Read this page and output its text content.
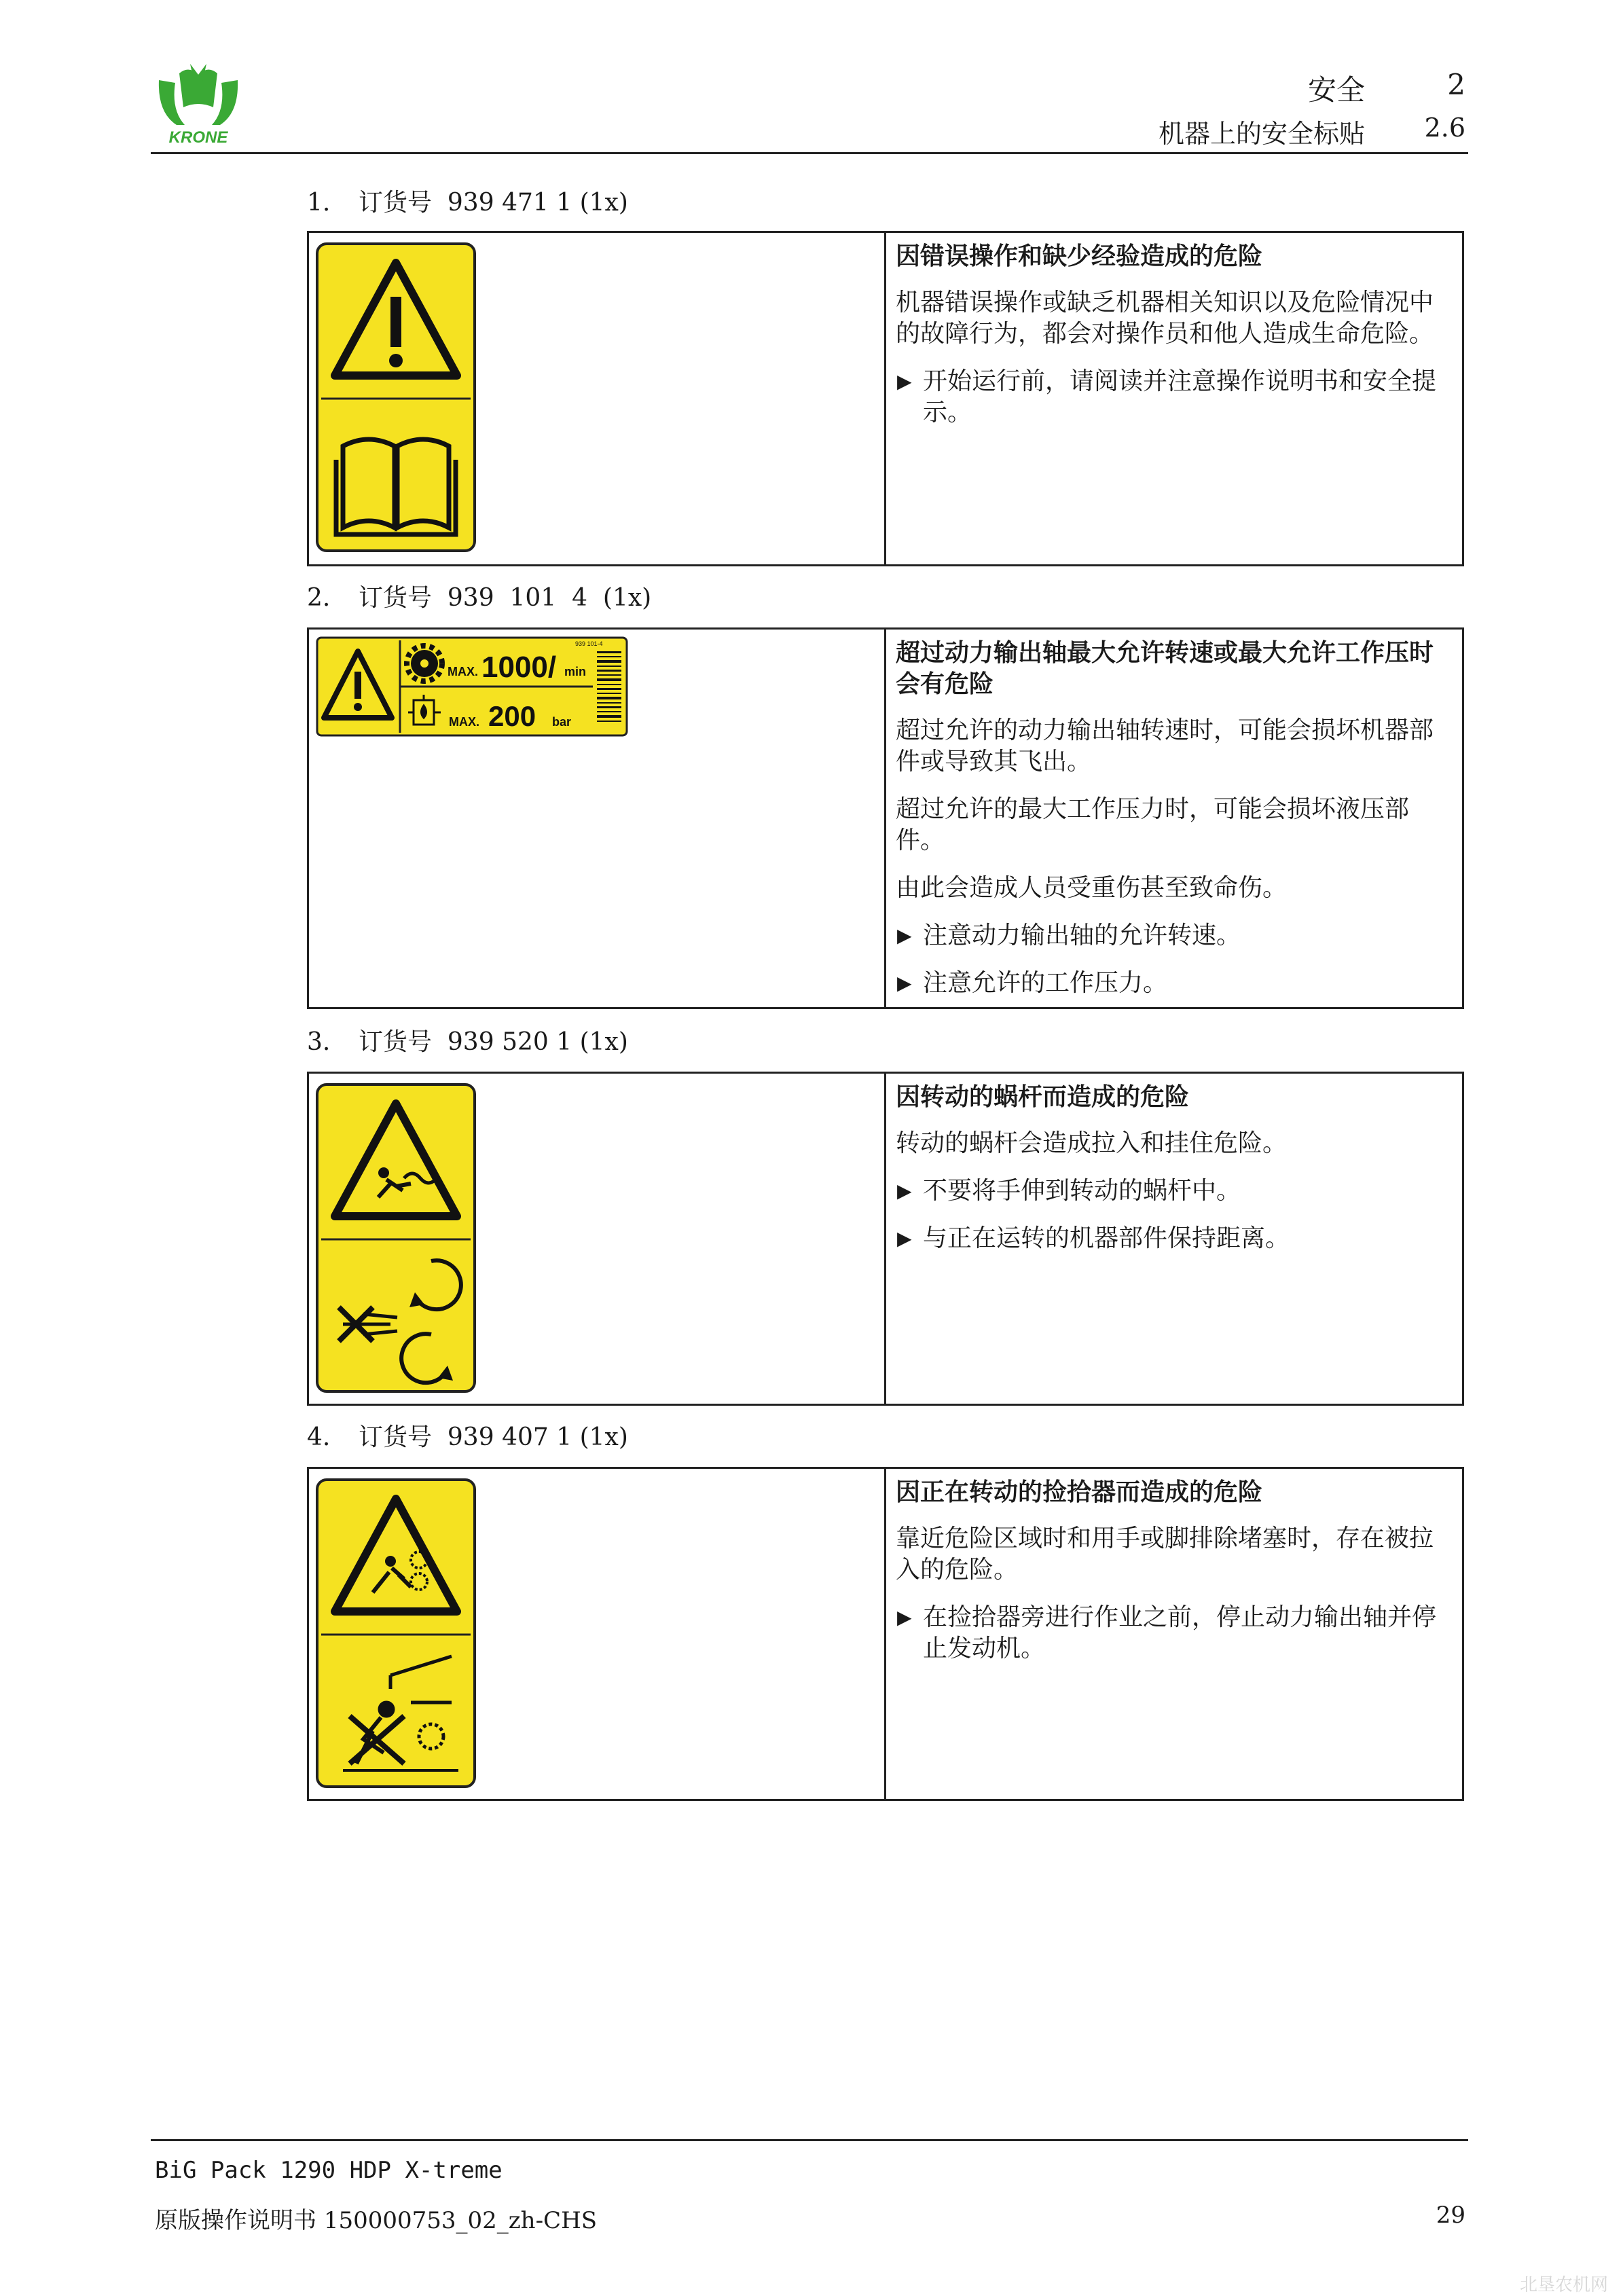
KRONE
安全	2
机器上的安全标贴 2.6
1. 订货号 939 471 1 (1x)
因错误操作和缺少经验造成的危险

机器错误操作或缺乏机器相关知识以及危险情况中的故障行为，都会对操作员和他人造成生命危险。

▶ 开始运行前，请阅读并注意操作说明书和安全提示。
2. 订货号 939  101  4  (1x)
939 101-4
MAX. 1000/ min
MAX. 200 bar
超过动力输出轴最大允许转速或最大允许工作压时会有危险

超过允许的动力输出轴转速时，可能会损坏机器部件或导致其飞出。

超过允许的最大工作压力时，可能会损坏液压部件。

由此会造成人员受重伤甚至致命伤。

▶ 注意动力输出轴的允许转速。
▶ 注意允许的工作压力。
3. 订货号 939 520 1 (1x)
因转动的蜗杆而造成的危险

转动的蜗杆会造成拉入和挂住危险。

▶ 不要将手伸到转动的蜗杆中。
▶ 与正在运转的机器部件保持距离。
4. 订货号 939 407 1 (1x)
因正在转动的捡拾器而造成的危险

靠近危险区域时和用手或脚排除堵塞时，存在被拉入的危险。

▶ 在捡拾器旁进行作业之前，停止动力输出轴并停止发动机。
BiG Pack 1290 HDP X-treme
原版操作说明书 150000753_02_zh-CHS	29
北垦农机网
